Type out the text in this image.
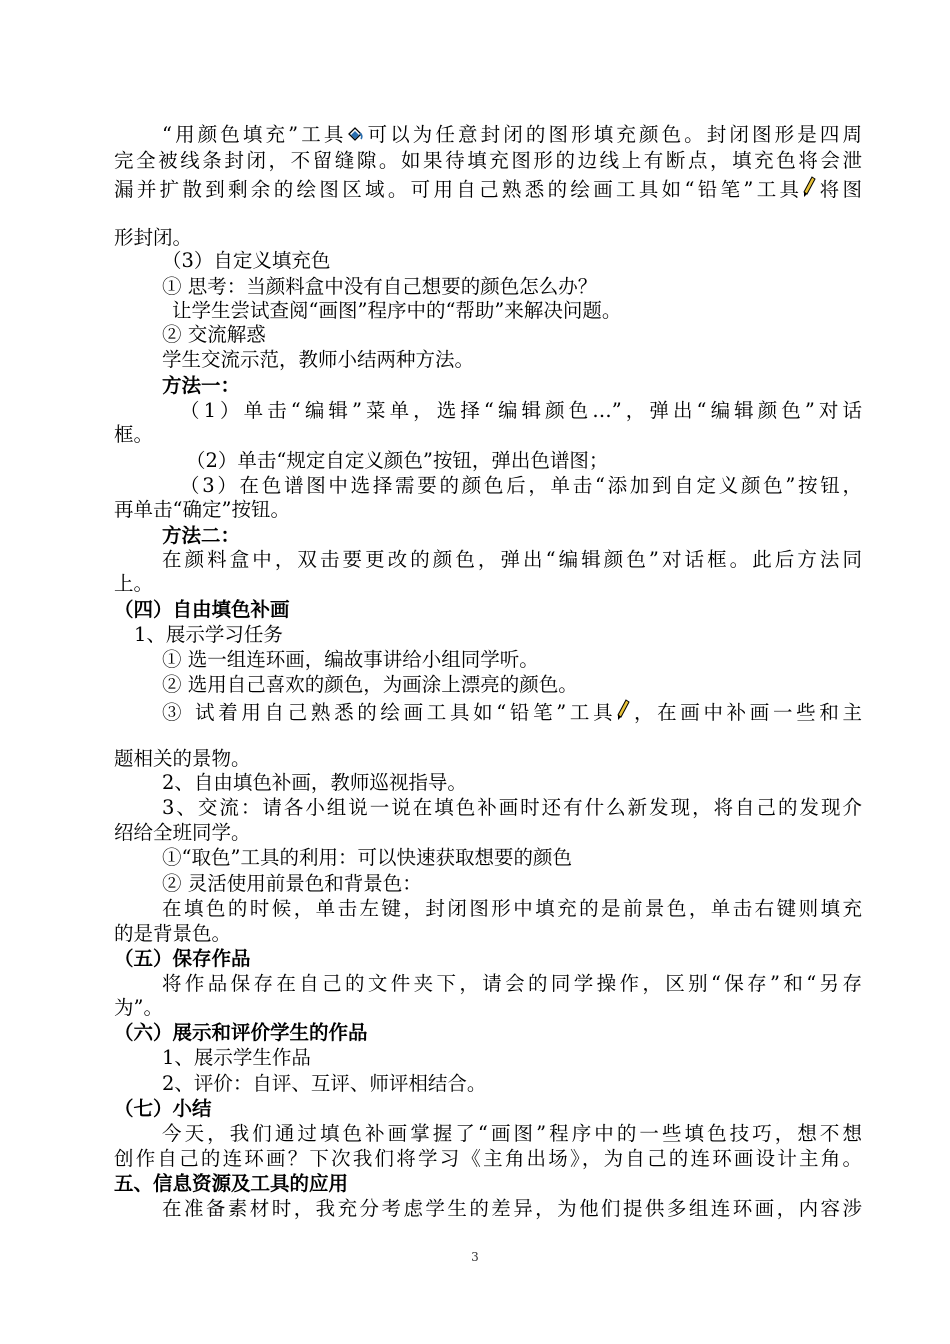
“用颜色填充”工具 可以为任意封闭的图形填充颜色。封闭图形是四周
完全被线条封闭，不留缝隙。如果待填充图形的边线上有断点，填充色将会泄
漏并扩散到剩余的绘图区域。可用自己熟悉的绘画工具如“铅笔”工具 将图
形封闭。
（3）自定义填充色
① 思考：当颜料盒中没有自己想要的颜色怎么办？
让学生尝试查阅“画图”程序中的“帮助”来解决问题。
② 交流解惑
学生交流示范，教师小结两种方法。
方法一：
（1）单击“编辑”菜单，选择“编辑颜色…”，弹出“编辑颜色”对话
框。
（2）单击“规定自定义颜色”按钮，弹出色谱图；
（3）在色谱图中选择需要的颜色后，单击“添加到自定义颜色”按钮，
再单击“确定”按钮。
方法二：
在颜料盒中，双击要更改的颜色，弹出“编辑颜色”对话框。此后方法同
上。
（四）自由填色补画
1、展示学习任务
① 选一组连环画，编故事讲给小组同学听。
② 选用自己喜欢的颜色，为画涂上漂亮的颜色。
③ 试着用自己熟悉的绘画工具如“铅笔”工具 ，在画中补画一些和主
题相关的景物。
2、自由填色补画，教师巡视指导。
3、交流：请各小组说一说在填色补画时还有什么新发现，将自己的发现介
绍给全班同学。
①“取色”工具的利用：可以快速获取想要的颜色
② 灵活使用前景色和背景色：
在填色的时候，单击左键，封闭图形中填充的是前景色，单击右键则填充
的是背景色。
（五）保存作品
将作品保存在自己的文件夹下，请会的同学操作，区别“保存”和“另存
为”。
（六）展示和评价学生的作品
1、展示学生作品
2、评价：自评、互评、师评相结合。
（七）小结
今天，我们通过填色补画掌握了“画图”程序中的一些填色技巧，想不想
创作自己的连环画？下次我们将学习《主角出场》，为自己的连环画设计主角。
五、信息资源及工具的应用
在准备素材时，我充分考虑学生的差异，为他们提供多组连环画，内容涉
3
